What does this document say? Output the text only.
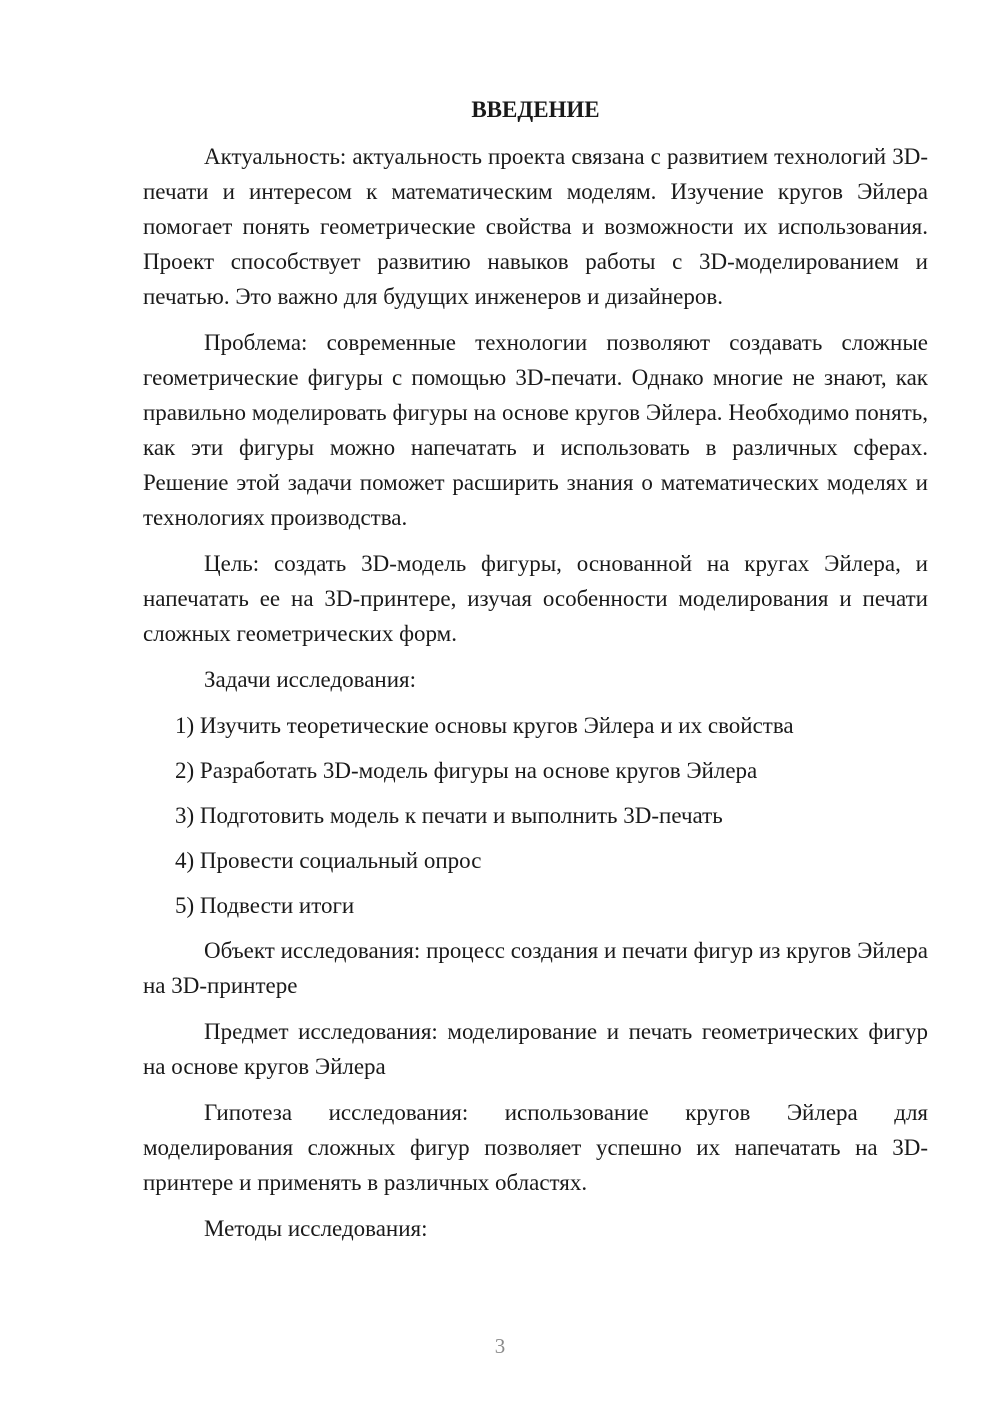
ВВЕДЕНИЕ

Актуальность: актуальность проекта связана с развитием технологий 3D-печати и интересом к математическим моделям. Изучение кругов Эйлера помогает понять геометрические свойства и возможности их использования. Проект способствует развитию навыков работы с 3D-моделированием и печатью. Это важно для будущих инженеров и дизайнеров.

Проблема: современные технологии позволяют создавать сложные геометрические фигуры с помощью 3D-печати. Однако многие не знают, как правильно моделировать фигуры на основе кругов Эйлера. Необходимо понять, как эти фигуры можно напечатать и использовать в различных сферах. Решение этой задачи поможет расширить знания о математических моделях и технологиях производства.

Цель: создать 3D-модель фигуры, основанной на кругах Эйлера, и напечатать ее на 3D-принтере, изучая особенности моделирования и печати сложных геометрических форм.

Задачи исследования:

1) Изучить теоретические основы кругов Эйлера и их свойства
2) Разработать 3D-модель фигуры на основе кругов Эйлера
3) Подготовить модель к печати и выполнить 3D-печать
4) Провести социальный опрос
5) Подвести итоги

Объект исследования: процесс создания и печати фигур из кругов Эйлера на 3D-принтере

Предмет исследования: моделирование и печать геометрических фигур на основе кругов Эйлера

Гипотеза исследования: использование кругов Эйлера для моделирования сложных фигур позволяет успешно их напечатать на 3D-принтере и применять в различных областях.

Методы исследования:

3
